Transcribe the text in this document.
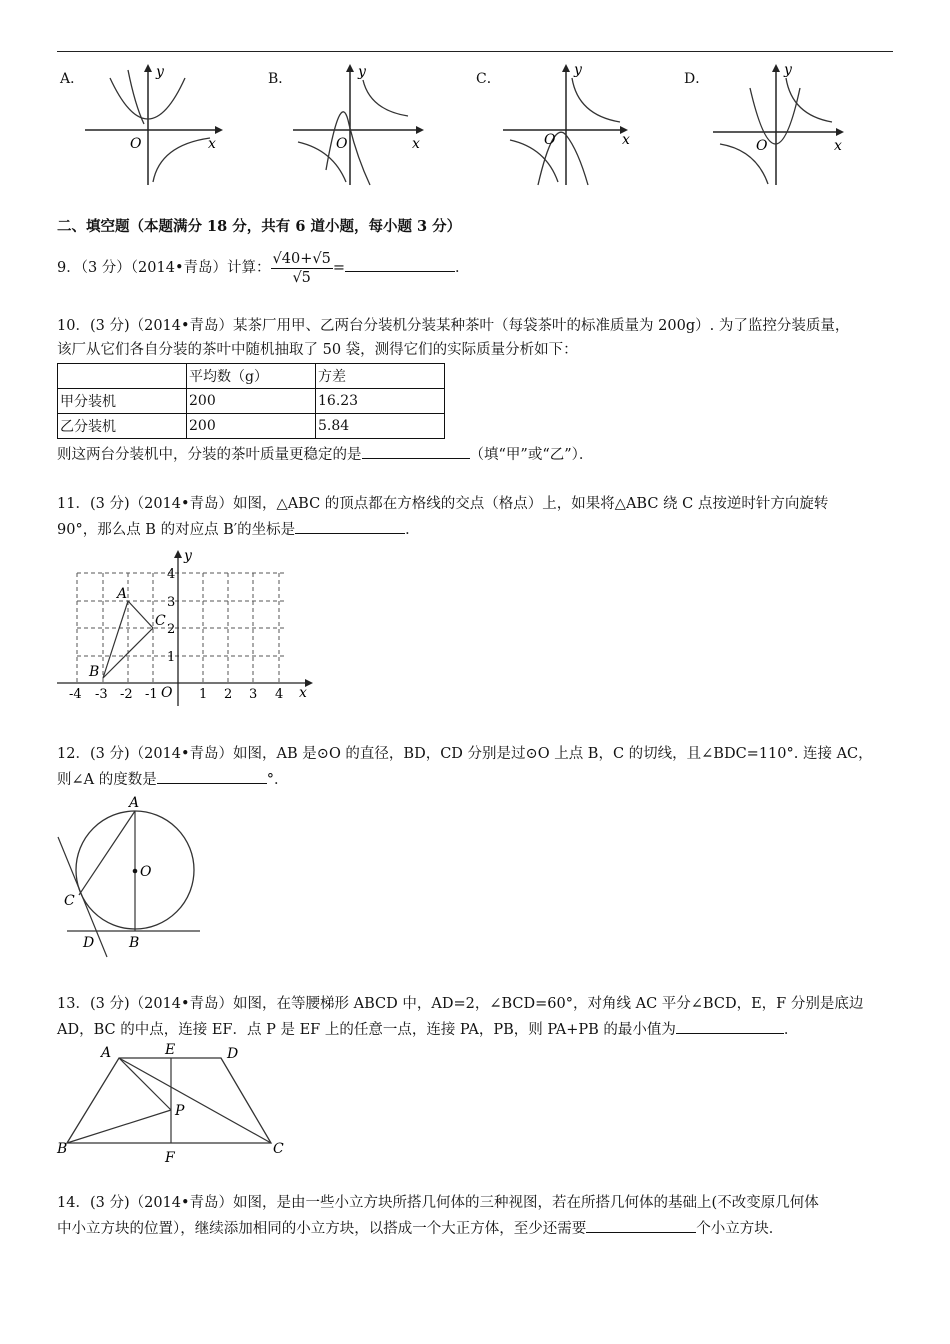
A．	B．	C．	D．
y
x
O
y
x
O
y
x
O
y
x
O
二、填空题（本题满分 18 分，共有 6 道小题，每小题 3 分）
9．（3 分）（2014•青岛）计算： $\frac{√40+√5}{√5}$ =	．
10．(3 分)（2014•青岛）某茶厂用甲、乙两台分装机分装某种茶叶（每袋茶叶的标准质量为 200g）. 为了监控分装质量，
该厂从它们各自分装的茶叶中随机抽取了 50 袋，测得它们的实际质量分析如下：
	平均数（g）	方差
甲分装机	200	16.23
乙分装机	200	5.84
则这两台分装机中，分装的茶叶质量更稳定的是	（填“甲”或“乙”）．
11．(3 分)（2014•青岛）如图，△ABC 的顶点都在方格线的交点（格点）上，如果将△ABC 绕 C 点按逆时针方向旋转
90°，那么点 B 的对应点 B′的坐标是	．
y
x
O
-4 -3 -2 -1	1 2 3 4
1
2
3
4
A
B
C
12．(3 分)（2014•青岛）如图，AB 是⊙O 的直径，BD，CD 分别是过⊙O 上点 B，C 的切线，且∠BDC=110°. 连接 AC，
则∠A 的度数是	°．
A
O
C
D B
13．(3 分)（2014•青岛）如图，在等腰梯形 ABCD 中，AD=2，∠BCD=60°，对角线 AC 平分∠BCD，E，F 分别是底边
AD，BC 的中点，连接 EF．点 P 是 EF 上的任意一点，连接 PA，PB，则 PA+PB 的最小值为	．
A	E	D
P
B
F
C
14．(3 分)（2014•青岛）如图，是由一些小立方块所搭几何体的三种视图，若在所搭几何体的基础上(不改变原几何体
中小立方块的位置），继续添加相同的小立方块，以搭成一个大正方体，至少还需要	个小立方块．
